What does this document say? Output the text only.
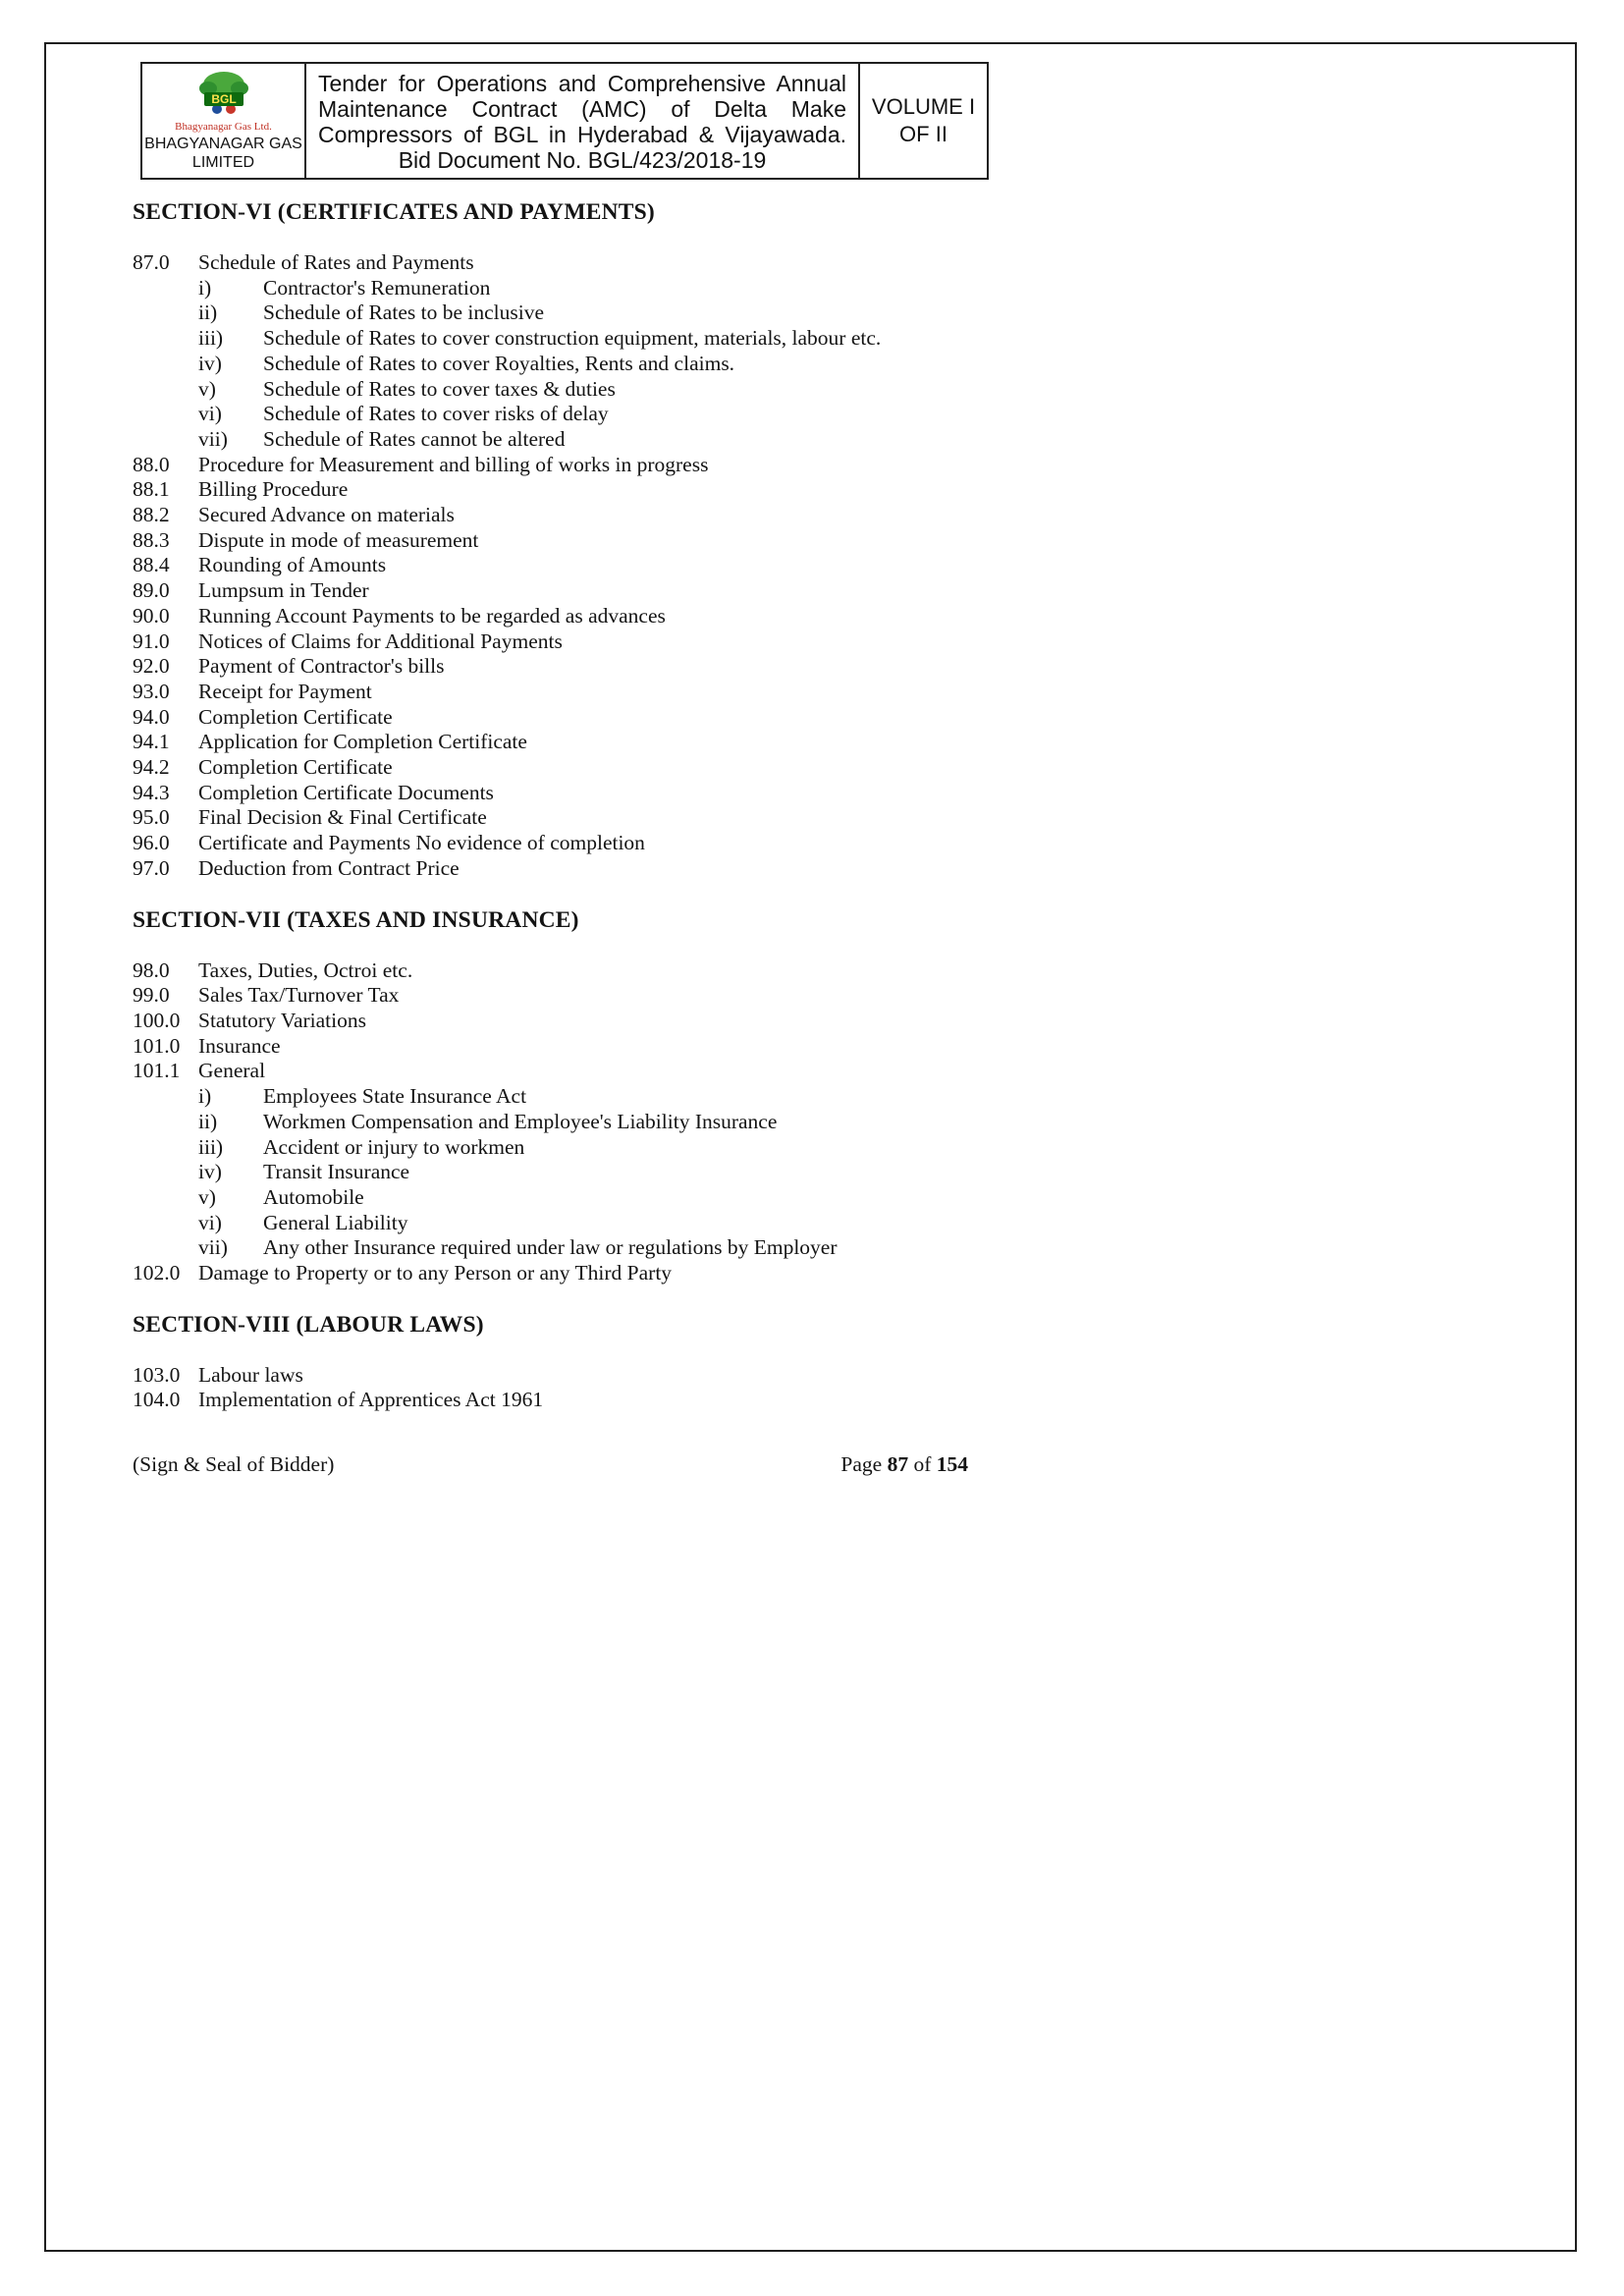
BGL
Bhagyanagar Gas Ltd.
BHAGYANAGAR GAS
LIMITED
Tender for Operations and Comprehensive Annual
Maintenance Contract (AMC) of Delta Make
Compressors of BGL in Hyderabad & Vijayawada.
Bid Document No. BGL/423/2018-19
VOLUME I
OF II
SECTION-VI (CERTIFICATES AND PAYMENTS)
87.0	Schedule of Rates and Payments
i)	Contractor's Remuneration
ii)	Schedule of Rates to be inclusive
iii)	Schedule of Rates to cover construction equipment, materials, labour etc.
iv)	Schedule of Rates to cover Royalties, Rents and claims.
v)	Schedule of Rates to cover taxes & duties
vi)	Schedule of Rates to cover risks of delay
vii)	Schedule of Rates cannot be altered
88.0	Procedure for Measurement and billing of works in progress
88.1	Billing Procedure
88.2	Secured Advance on materials
88.3	Dispute in mode of measurement
88.4	Rounding of Amounts
89.0	Lumpsum in Tender
90.0	Running Account Payments to be regarded as advances
91.0	Notices of Claims for Additional Payments
92.0	Payment of Contractor's bills
93.0	Receipt for Payment
94.0	Completion Certificate
94.1	Application for Completion Certificate
94.2	Completion Certificate
94.3	Completion Certificate Documents
95.0	Final Decision & Final Certificate
96.0	Certificate and Payments No evidence of completion
97.0	Deduction from Contract Price
SECTION-VII (TAXES AND INSURANCE)
98.0	Taxes, Duties, Octroi etc.
99.0	Sales Tax/Turnover Tax
100.0 Statutory Variations
101.0 Insurance
101.1 General
i)	Employees State Insurance Act
ii)	Workmen Compensation and Employee's Liability Insurance
iii)	Accident or injury to workmen
iv)	Transit Insurance
v)	Automobile
vi)	General Liability
vii)	Any other Insurance required under law or regulations by Employer
102.0 Damage to Property or to any Person or any Third Party
SECTION-VIII (LABOUR LAWS)
103.0 Labour laws
104.0 Implementation of Apprentices Act 1961
(Sign & Seal of Bidder)	Page 87 of 154
